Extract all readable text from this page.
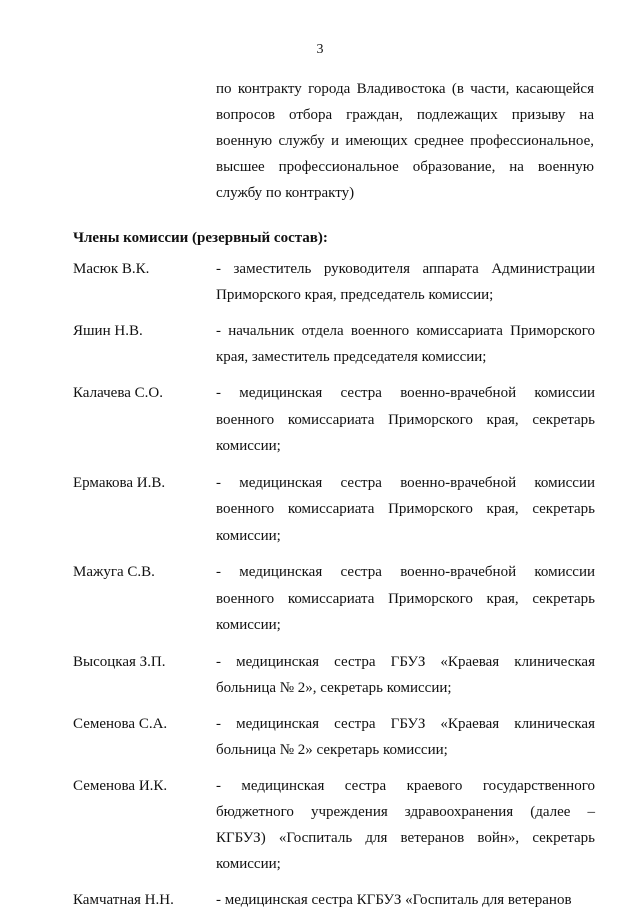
3
по контракту города Владивостока (в части, касающейся вопросов отбора граждан, подлежащих призыву на военную службу и имеющих среднее профессиональное, высшее профессиональное образование, на военную службу по контракту)
Члены комиссии (резервный состав):
Масюк В.К.	- заместитель руководителя аппарата Администрации Приморского края, председатель комиссии;
Яшин Н.В.	- начальник отдела военного комиссариата Приморского края, заместитель председателя комиссии;
Калачева С.О.	- медицинская сестра военно-врачебной комиссии военного комиссариата Приморского края, секретарь комиссии;
Ермакова И.В.	- медицинская сестра военно-врачебной комиссии военного комиссариата Приморского края, секретарь комиссии;
Мажуга С.В.	- медицинская сестра военно-врачебной комиссии военного комиссариата Приморского края, секретарь комиссии;
Высоцкая З.П.	- медицинская сестра ГБУЗ «Краевая клиническая больница № 2», секретарь комиссии;
Семенова С.А.	- медицинская сестра ГБУЗ «Краевая клиническая больница № 2» секретарь комиссии;
Семенова И.К.	- медицинская сестра краевого государственного бюджетного учреждения здравоохранения (далее – КГБУЗ) «Госпиталь для ветеранов войн», секретарь комиссии;
Камчатная Н.Н.	- медицинская сестра КГБУЗ «Госпиталь для ветеранов
